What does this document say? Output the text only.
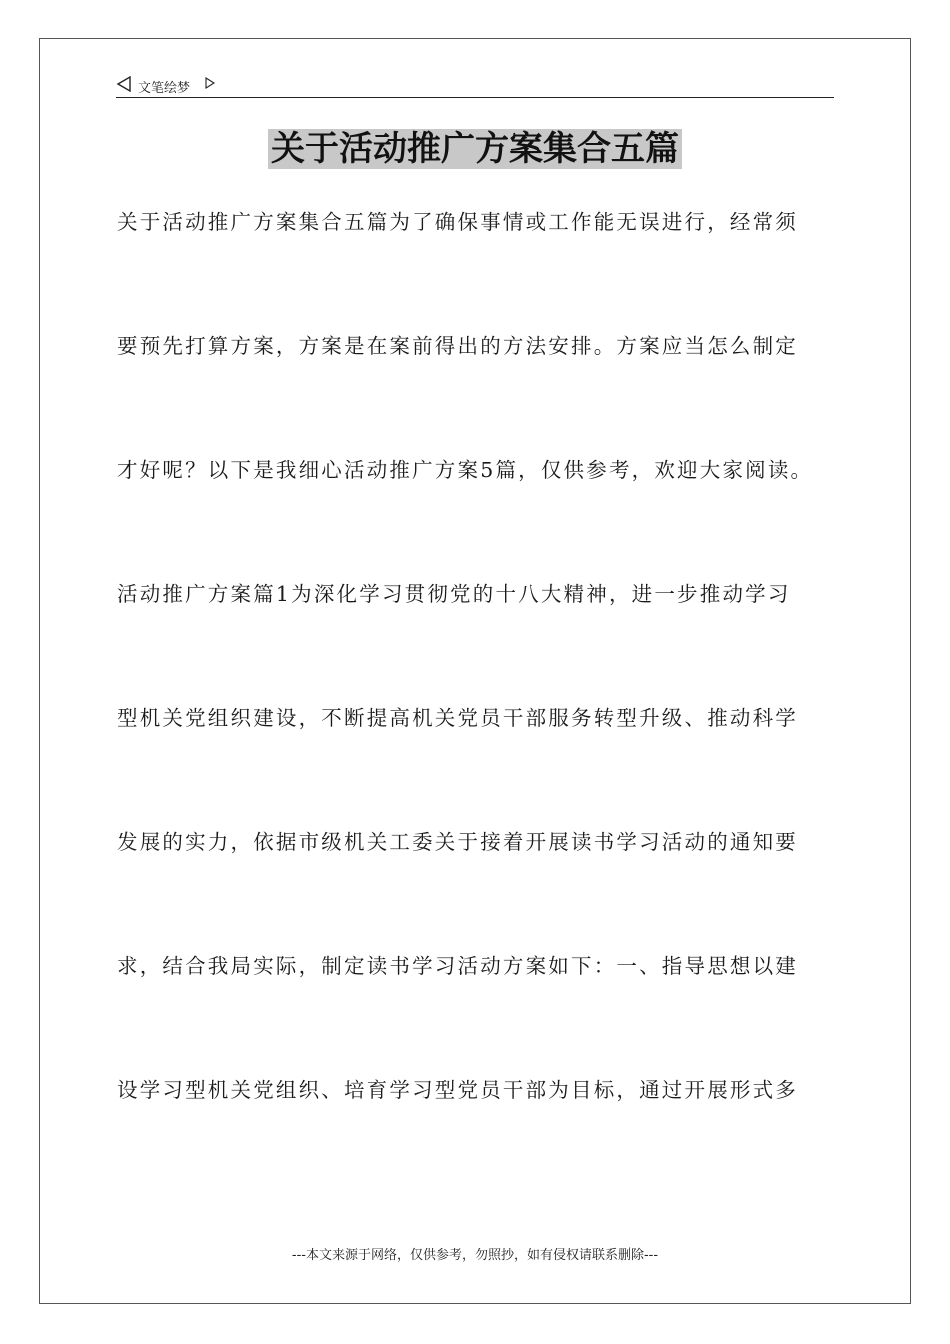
文笔绘梦
关于活动推广方案集合五篇
关于活动推广方案集合五篇为了确保事情或工作能无误进行，经常须
要预先打算方案，方案是在案前得出的方法安排。方案应当怎么制定
才好呢？以下是我细心活动推广方案5篇，仅供参考，欢迎大家阅读。
活动推广方案篇1为深化学习贯彻党的十八大精神，进一步推动学习
型机关党组织建设，不断提高机关党员干部服务转型升级、推动科学
发展的实力，依据市级机关工委关于接着开展读书学习活动的通知要
求，结合我局实际，制定读书学习活动方案如下：一、指导思想以建
设学习型机关党组织、培育学习型党员干部为目标，通过开展形式多
---本文来源于网络，仅供参考，勿照抄，如有侵权请联系删除---
